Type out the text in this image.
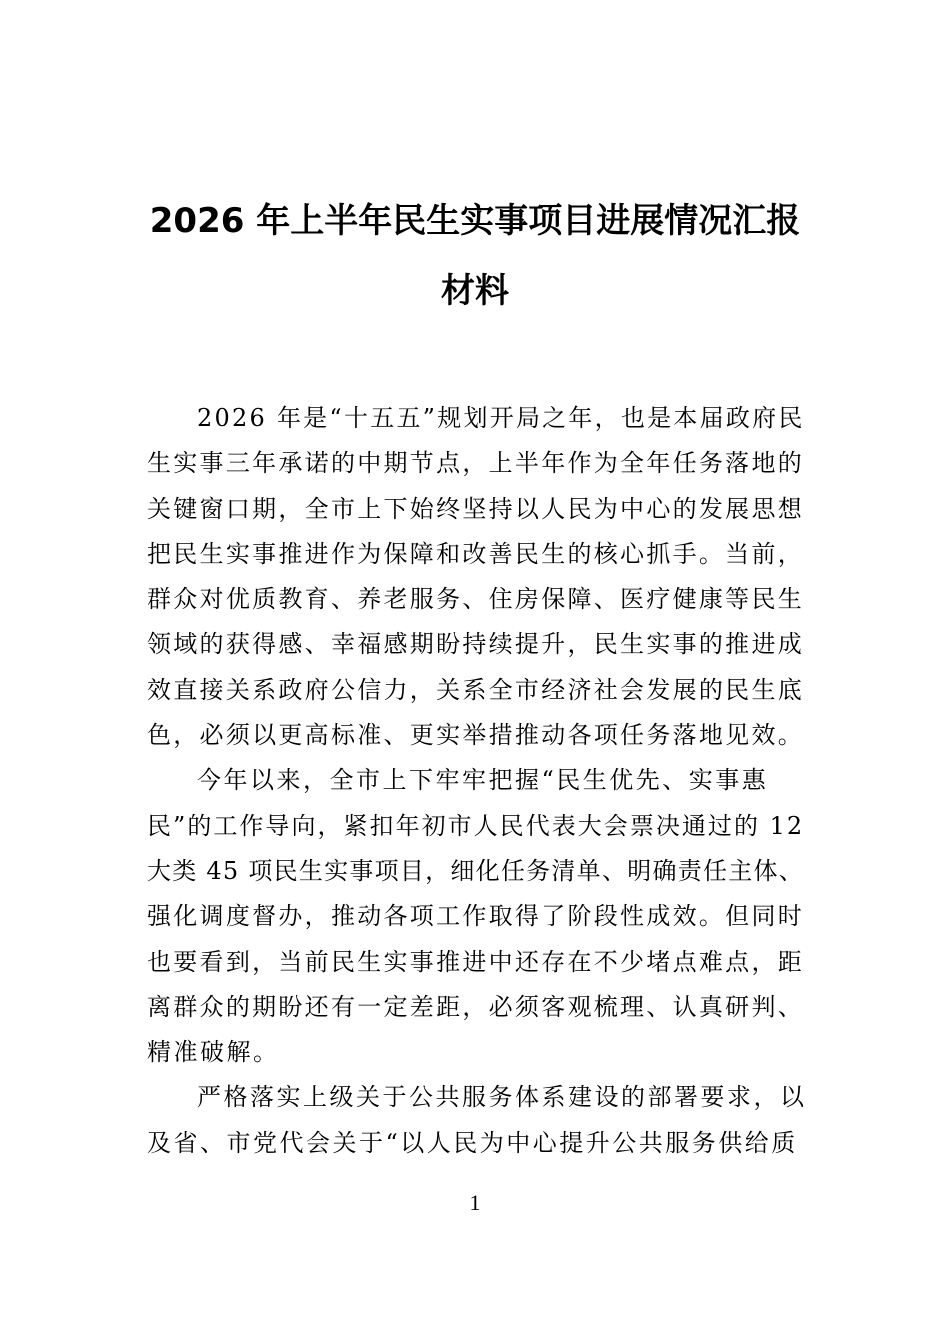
2026 年上半年民生实事项目进展情况汇报
材料

2026 年是“十五五”规划开局之年，也是本届政府民
生实事三年承诺的中期节点，上半年作为全年任务落地的
关键窗口期，全市上下始终坚持以人民为中心的发展思想
把民生实事推进作为保障和改善民生的核心抓手。当前，
群众对优质教育、养老服务、住房保障、医疗健康等民生
领域的获得感、幸福感期盼持续提升，民生实事的推进成
效直接关系政府公信力，关系全市经济社会发展的民生底
色，必须以更高标准、更实举措推动各项任务落地见效。

今年以来，全市上下牢牢把握“民生优先、实事惠
民”的工作导向，紧扣年初市人民代表大会票决通过的 12
大类 45 项民生实事项目，细化任务清单、明确责任主体、
强化调度督办，推动各项工作取得了阶段性成效。但同时
也要看到，当前民生实事推进中还存在不少堵点难点，距
离群众的期盼还有一定差距，必须客观梳理、认真研判、
精准破解。

严格落实上级关于公共服务体系建设的部署要求，以
及省、市党代会关于“以人民为中心提升公共服务供给质

1
